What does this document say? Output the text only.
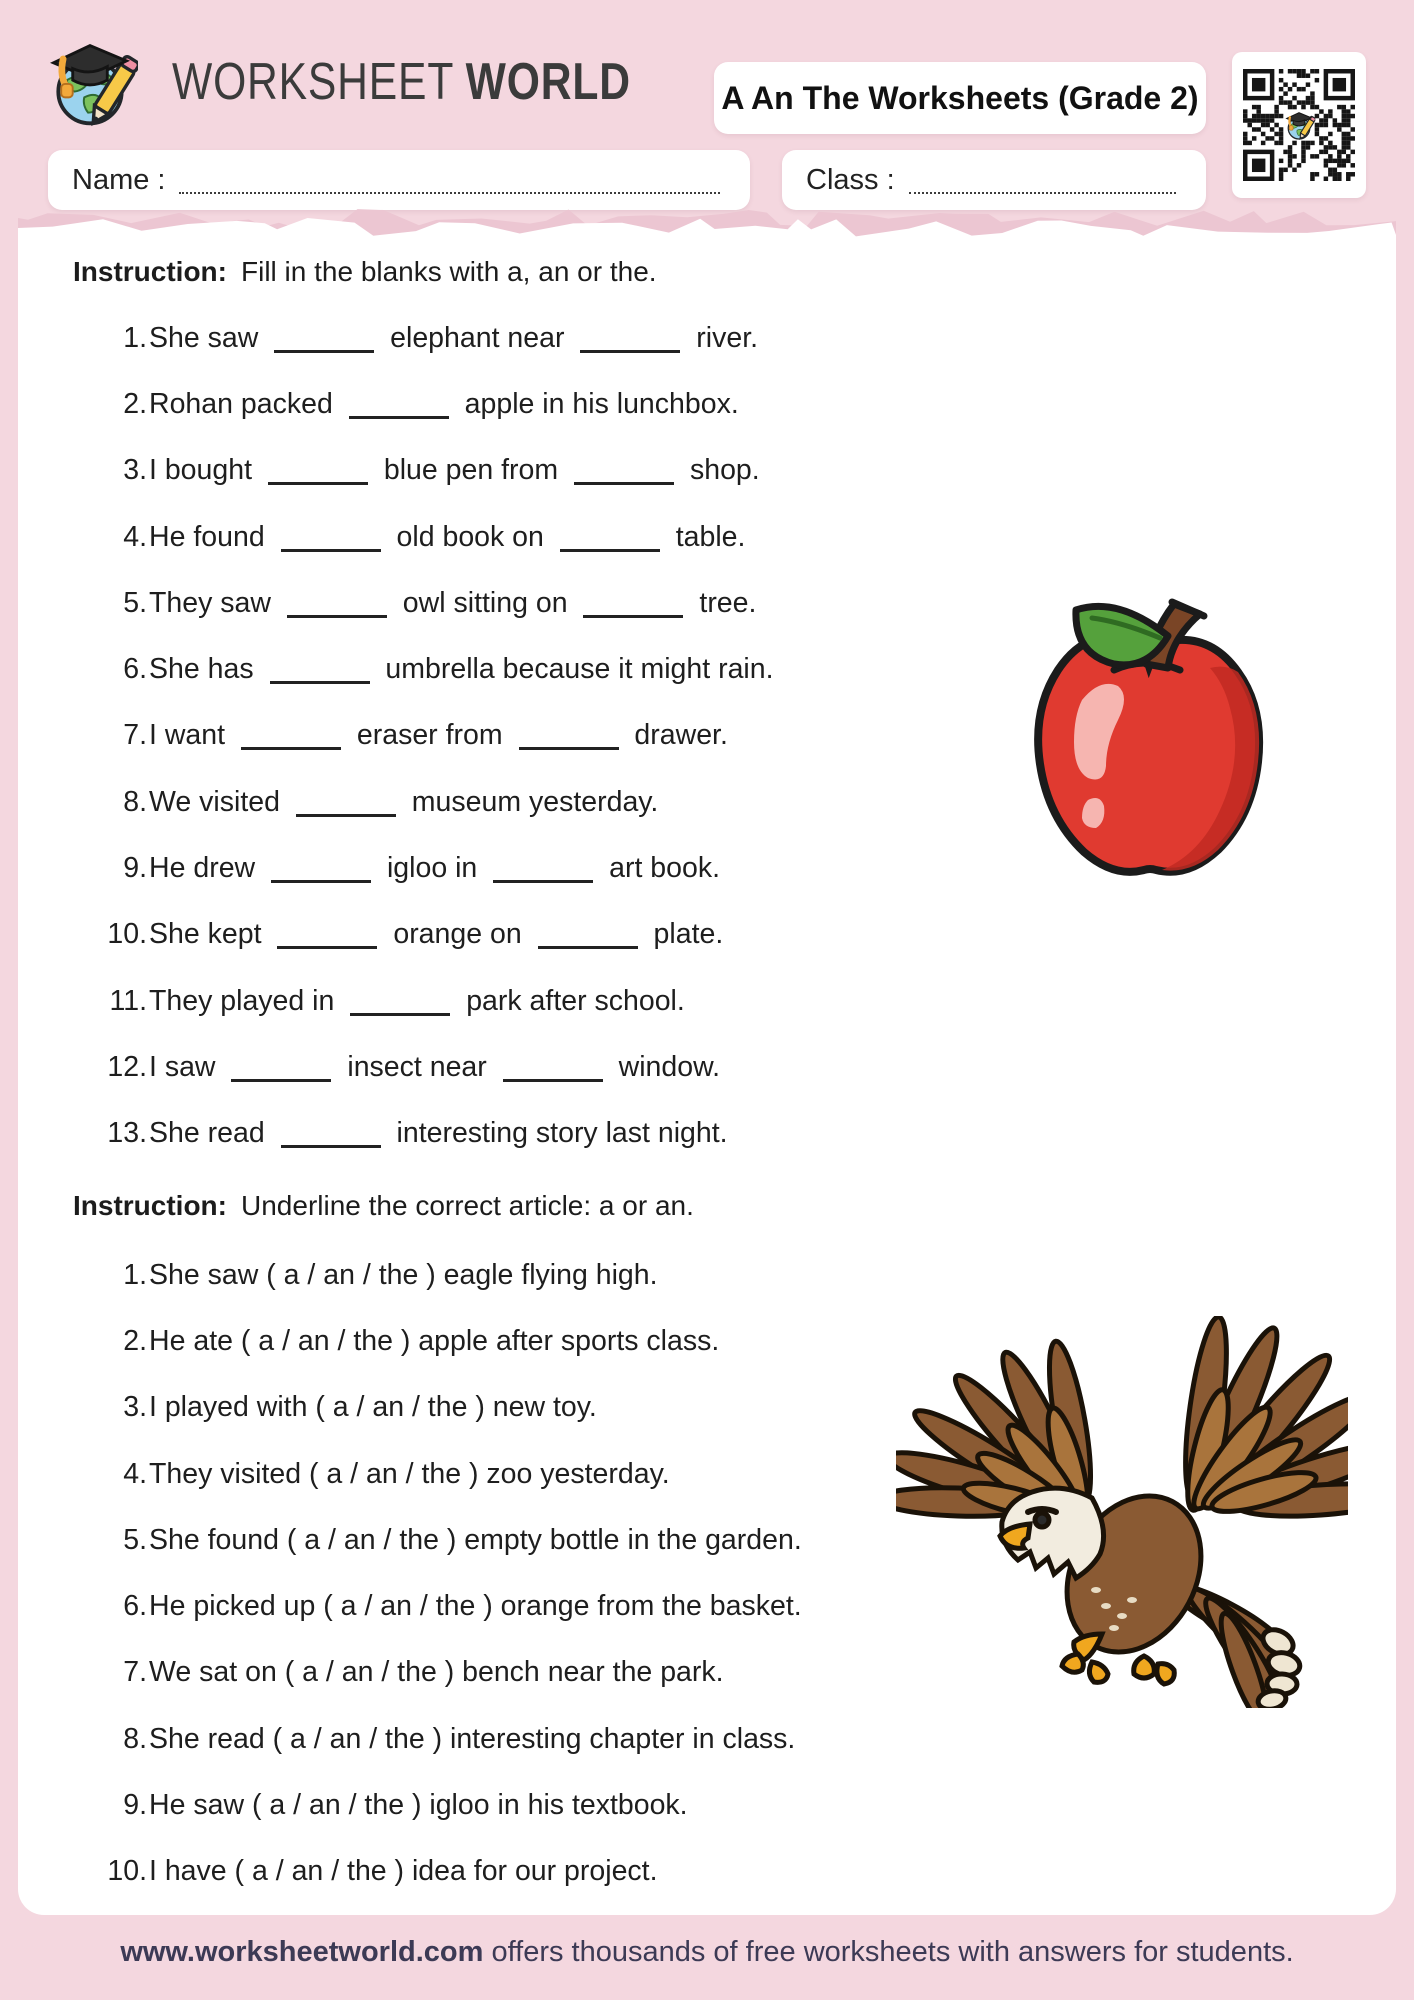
WORKSHEET WORLD	A An The Worksheets (Grade 2)
Name :	Class :
Instruction: Fill in the blanks with a, an or the.
1. She saw	elephant near	river.
2. Rohan packed	apple in his lunchbox.
3. I bought	blue pen from	shop.
4. He found	old book on	table.
5. They saw	owl sitting on	tree.
6. She has	umbrella because it might rain.
7. I want	eraser from	drawer.
8. We visited	museum yesterday.
9. He drew	igloo in	art book.
10. She kept	orange on	plate.
11. They played in	park after school.
12. I saw	insect near	window.
13. She read	interesting story last night.
Instruction: Underline the correct article: a or an.
1. She saw ( a / an / the ) eagle flying high.
2. He ate ( a / an / the ) apple after sports class.
3. I played with ( a / an / the ) new toy.
4. They visited ( a / an / the ) zoo yesterday.
5. She found ( a / an / the ) empty bottle in the garden.
6. He picked up ( a / an / the ) orange from the basket.
7. We sat on ( a / an / the ) bench near the park.
8. She read ( a / an / the ) interesting chapter in class.
9. He saw ( a / an / the ) igloo in his textbook.
10. I have ( a / an / the ) idea for our project.
www.worksheetworld.com offers thousands of free worksheets with answers for students.
